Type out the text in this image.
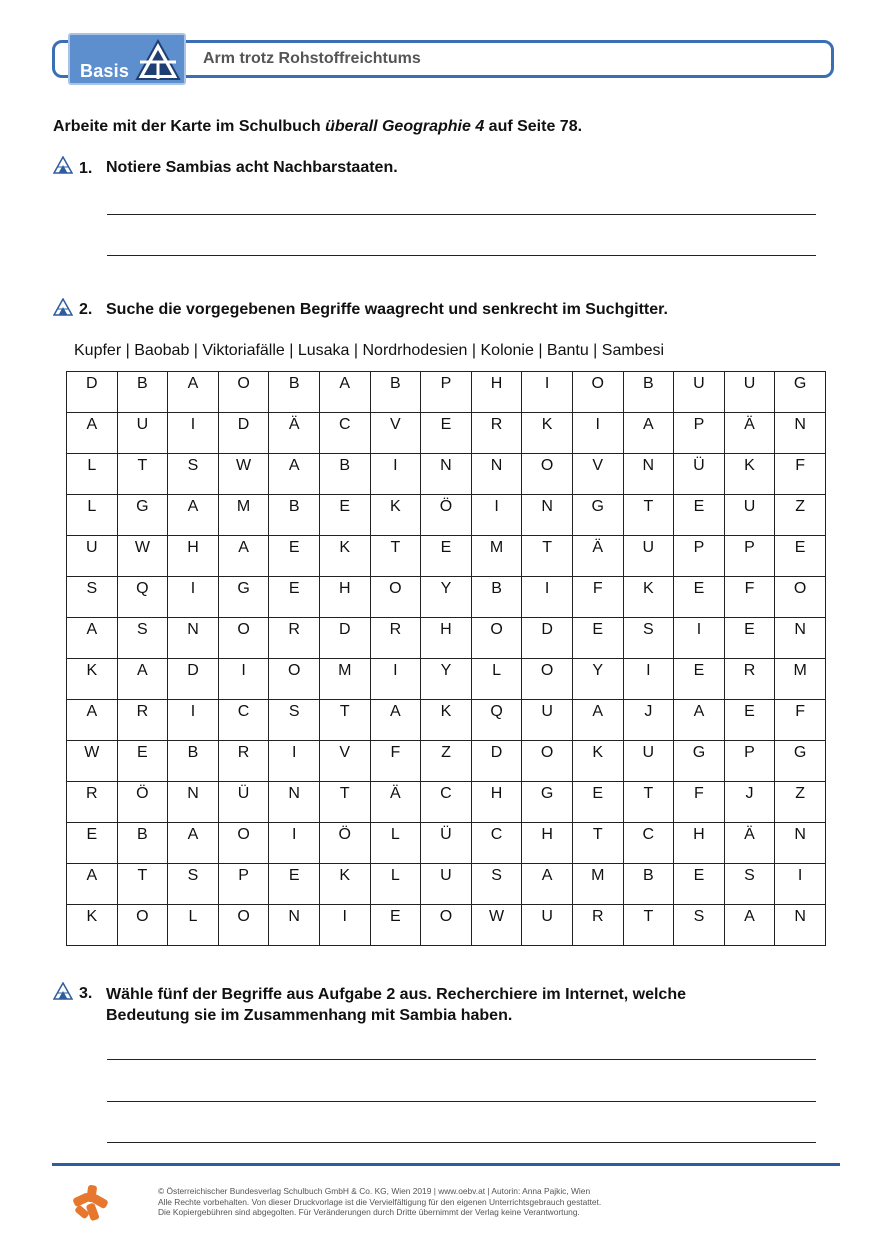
Basis
Arm trotz Rohstoffreichtums
Arbeite mit der Karte im Schulbuch überall Geographie 4 auf Seite 78.
1. Notiere Sambias acht Nachbarstaaten.
2. Suche die vorgegebenen Begriffe waagrecht und senkrecht im Suchgitter.
Kupfer | Baobab | Viktoriafälle | Lusaka | Nordrhodesien | Kolonie | Bantu | Sambesi
D	B	A	O	B	A	B	P	H	I	O	B	U	U	G
A	U	I	D	Ä	C	V	E	R	K	I	A	P	Ä	N
L	T	S	W	A	B	I	N	N	O	V	N	Ü	K	F
L	G	A	M	B	E	K	Ö	I	N	G	T	E	U	Z
U	W	H	A	E	K	T	E	M	T	Ä	U	P	P	E
S	Q	I	G	E	H	O	Y	B	I	F	K	E	F	O
A	S	N	O	R	D	R	H	O	D	E	S	I	E	N
K	A	D	I	O	M	I	Y	L	O	Y	I	E	R	M
A	R	I	C	S	T	A	K	Q	U	A	J	A	E	F
W	E	B	R	I	V	F	Z	D	O	K	U	G	P	G
R	Ö	N	Ü	N	T	Ä	C	H	G	E	T	F	J	Z
E	B	A	O	I	Ö	L	Ü	C	H	T	C	H	Ä	N
A	T	S	P	E	K	L	U	S	A	M	B	E	S	I
K	O	L	O	N	I	E	O	W	U	R	T	S	A	N
3. Wähle fünf der Begriffe aus Aufgabe 2 aus. Recherchiere im Internet, welche
Bedeutung sie im Zusammenhang mit Sambia haben.
© Österreichischer Bundesverlag Schulbuch GmbH & Co. KG, Wien 2019 | www.oebv.at | Autorin: Anna Pajkic, Wien
Alle Rechte vorbehalten. Von dieser Druckvorlage ist die Vervielfältigung für den eigenen Unterrichtsgebrauch gestattet.
Die Kopiergebühren sind abgegolten. Für Veränderungen durch Dritte übernimmt der Verlag keine Verantwortung.
